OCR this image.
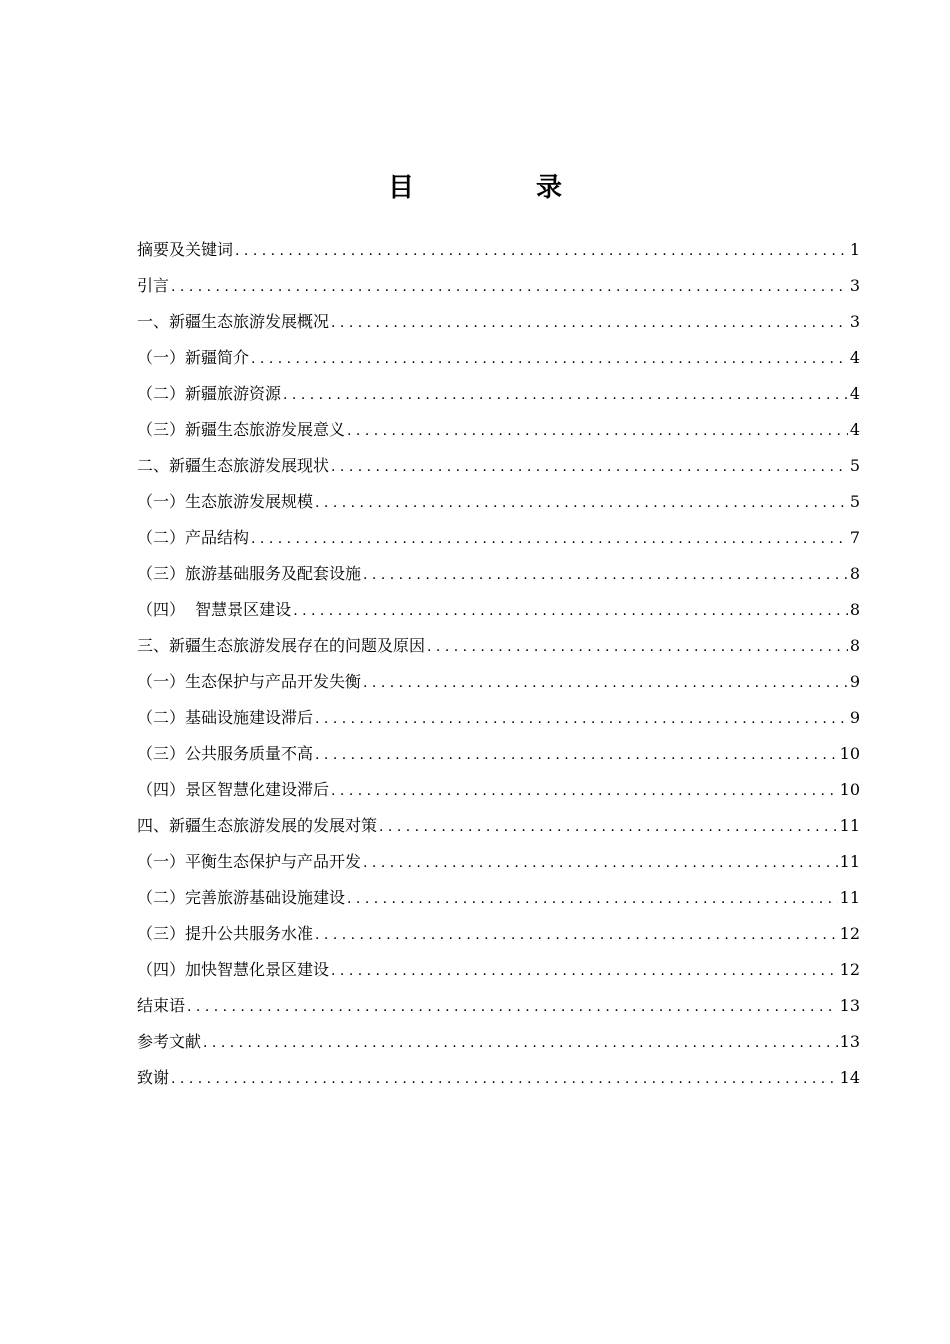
目　录
摘要及关键词 . . .	1
引言 . . .	3
一、新疆生态旅游发展概况 . . .	3
（一）新疆简介 . . .	4
（二）新疆旅游资源 . . .	4
（三）新疆生态旅游发展意义 . . .	4
二、新疆生态旅游发展现状 . . .	5
（一）生态旅游发展规模 . . .	5
（二）产品结构 . . .	7
（三）旅游基础服务及配套设施 . . .	8
（四）  智慧景区建设 . . .	8
三、新疆生态旅游发展存在的问题及原因 . . .	8
（一）生态保护与产品开发失衡 . . .	9
（二）基础设施建设滞后 . . .	9
（三）公共服务质量不高 . . .	10
（四）景区智慧化建设滞后 . . .	10
四、新疆生态旅游发展的发展对策 . . .	11
（一）平衡生态保护与产品开发 . . .	11
（二）完善旅游基础设施建设 . . .	11
（三）提升公共服务水准 . . .	12
（四）加快智慧化景区建设 . . .	12
结束语 . . .	13
参考文献 . . .	13
致谢 . . .	14
